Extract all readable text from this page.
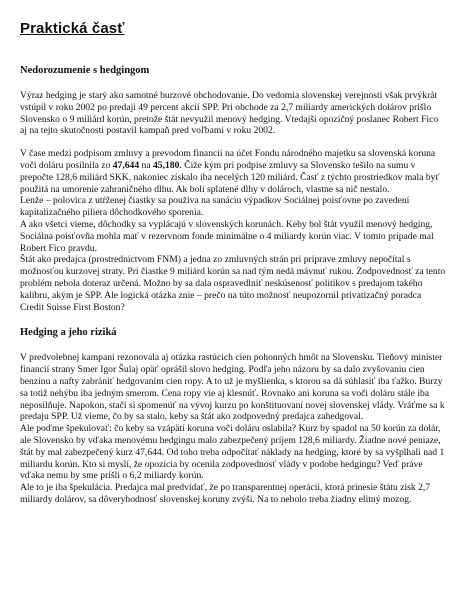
Praktická časť
Nedorozumenie s hedgingom

Výraz hedging je starý ako samotné burzové obchodovanie. Do vedomia slovenskej verejnosti však prvýkrát vstúpil v roku 2002 po predaji 49 percent akcií SPP. Pri obchode za 2,7 miliardy amerických dolárov prišlo Slovensko o 9 miliárd korún, pretože štát nevyužil menový hedging. Vtedajší opozičný poslanec Robert Fico aj na tejto skutočnosti postavil kampaň pred voľbami v roku 2002.

V čase medzi podpisom zmluvy a prevodom financií na účet Fondu národného majetku sa slovenská koruna voči doláru posilnila zo 47,644 na 45,180. Čiže kým pri podpise zmluvy sa Slovensko tešilo na sumu v prepočte 128,6 miliárd SKK, nakoniec získalo iba necelých 120 miliárd. Časť z týchto prostriedkov mala byť použitá na umorenie zahraničného dlhu. Ak boli splatené dlhy v dolároch, vlastne sa nič nestalo.

Lenže – polovica z utŕženej čiastky sa používa na sanáciu výpadkov Sociálnej poisťovne po zavedení kapitalizačného piliera dôchodkového sporenia.

A ako všetci vieme, dôchodky sa vyplácajú v slovenských korunách. Keby bol štát využil menový hedging, Sociálna poisťovňa mohla mať v rezervnom fonde minimálne o 4 miliardy korún viac. V tomto prípade mal Robert Fico pravdu.

Štát ako predajca (prostredníctvom FNM) a jedna zo zmluvných strán pri príprave zmluvy nepočítal s možnosťou kurzovej straty. Pri čiastke 9 miliárd korún sa nad tým nedá mávnuť rukou. Zodpovednosť za tento problém nebola doteraz určená. Možno by sa dala ospravedlniť neskúsenosť politikov s predajom takého kalibru, akým je SPP. Ale logická otázka znie – prečo na túto možnosť neupozornil privatizačný poradca Credit Suisse First Boston?

Hedging a jeho riziká

V predvolebnej kampani rezonovala aj otázka rastúcich cien pohonných hmôt na Slovensku. Tieňový minister financií strany Smer Igor Šulaj opäť oprášil slovo hedging. Podľa jeho názoru by sa dalo zvyšovaniu cien benzínu a nafty zabrániť hedgovaním cien ropy. A to už je myšlienka, s ktorou sa dá súhlasiť iba ťažko. Burzy sa totiž nehýbu iba jedným smerom. Cena ropy vie aj klesnúť. Rovnako ani koruna sa voči doláru stále iba neposilňuje. Napokon, stačí si spomenúť na vývoj kurzu po konštituovaní novej slovenskej vlády. Vráťme sa k predaju SPP. Už vieme, čo by sa stalo, keby sa štát ako zodpovedný predajca zahedgoval.

Ale poďme špekulovať: čo keby sa vzápätí koruna voči doláru oslabila? Kurz by spadol na 50 korún za dolár, ale Slovensko by vďaka menovému hedgingu malo zabezpečený príjem 128,6 miliardy. Žiadne nové peniaze, štát by mal zabezpečený kurz 47,644. Od toho treba odpočítať náklady na hedging, ktoré by sa vyšplhali nad 1 miliardu korún. Kto si myslí, že opozícia by ocenila zodpovednosť vlády v podobe hedgingu? Veď práve vďaka nemu by sme prišli o 6,2 miliardy korún.

Ale to je iba špekulácia. Predajca mal predvídať, že po transparentnej operácii, ktorá prinesie štátu zisk 2,7 miliardy dolárov, sa dôveryhodnosť slovenskej koruny zvýši. Na to nebolo treba žiadny elitný mozog.
